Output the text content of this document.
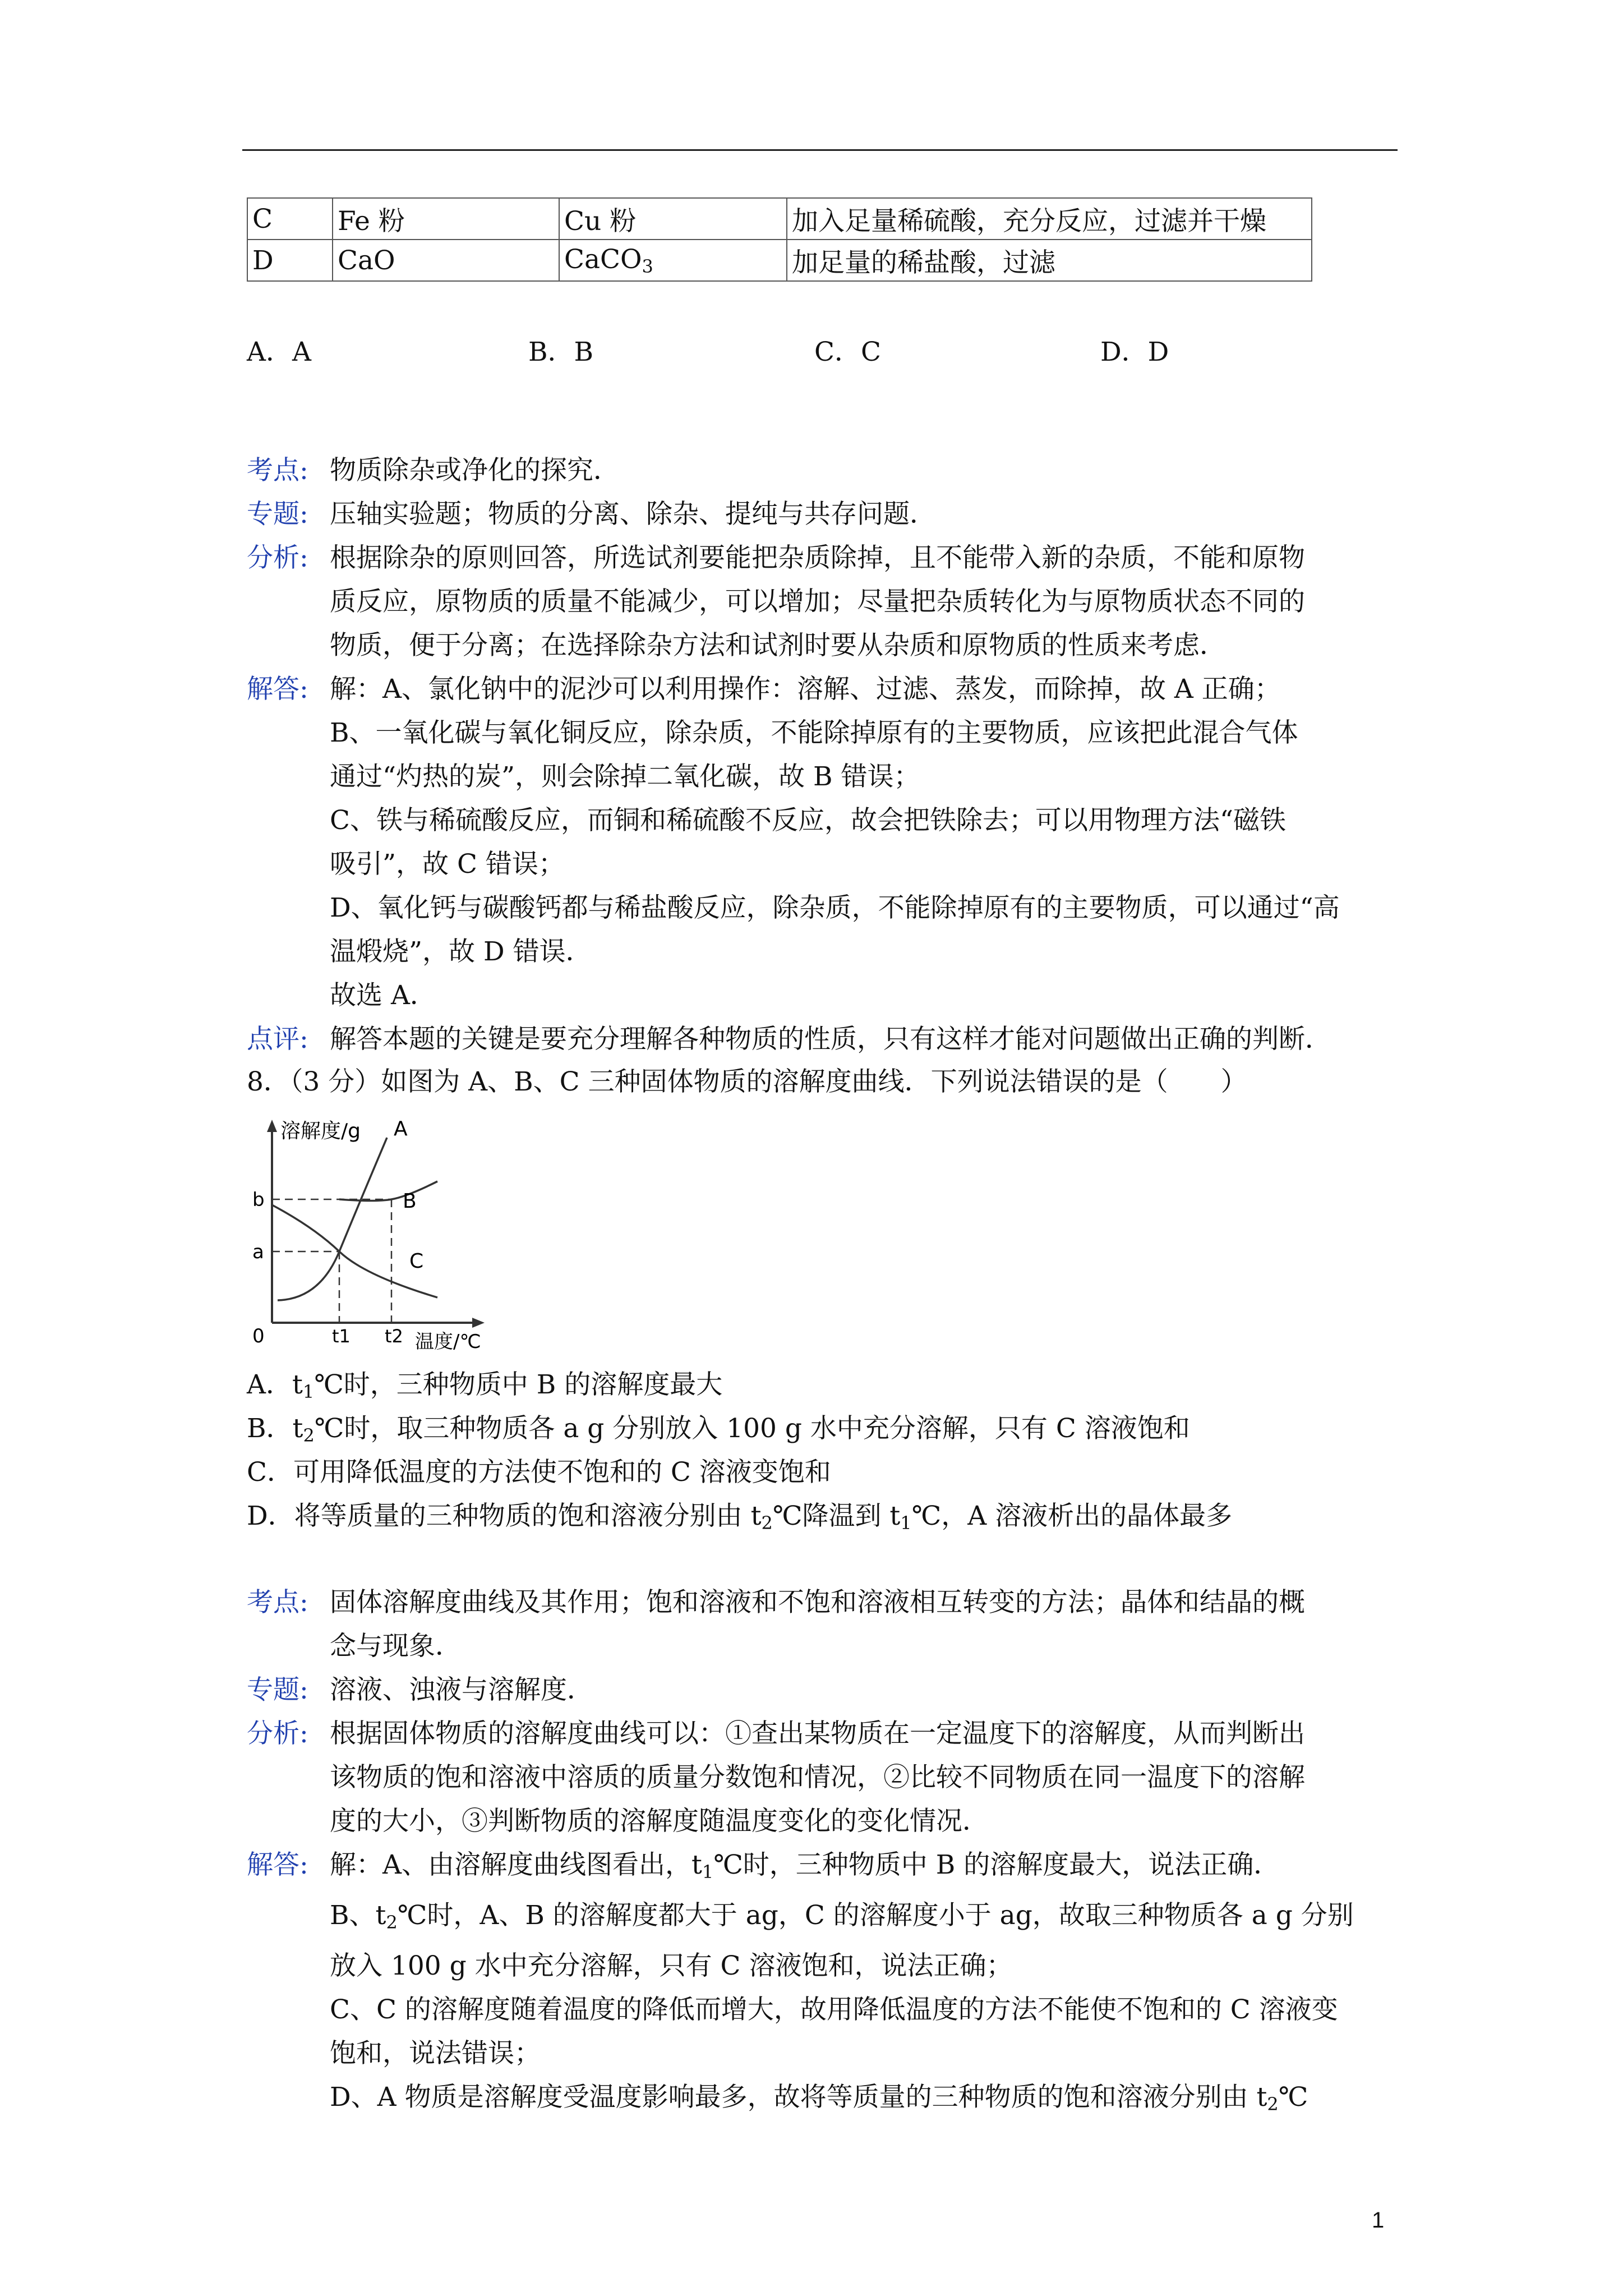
C	Fe 粉	Cu 粉	加入足量稀硫酸，充分反应，过滤并干燥
D	CaO	CaCO$_3$	加足量的稀盐酸，过滤
A．A	B．B	C．C	D．D
考点: 物质除杂或净化的探究．
专题: 压轴实验题；物质的分离、除杂、提纯与共存问题．
分析: 根据除杂的原则回答，所选试剂要能把杂质除掉，且不能带入新的杂质，不能和原物
质反应，原物质的质量不能减少，可以增加；尽量把杂质转化为与原物质状态不同的
物质，便于分离；在选择除杂方法和试剂时要从杂质和原物质的性质来考虑．
解答: 解：A、氯化钠中的泥沙可以利用操作：溶解、过滤、蒸发，而除掉，故 A 正确；
B、一氧化碳与氧化铜反应，除杂质，不能除掉原有的主要物质，应该把此混合气体
通过“灼热的炭”，则会除掉二氧化碳，故 B 错误；
C、铁与稀硫酸反应，而铜和稀硫酸不反应，故会把铁除去；可以用物理方法“磁铁
吸引”，故 C 错误；
D、氧化钙与碳酸钙都与稀盐酸反应，除杂质，不能除掉原有的主要物质，可以通过“高
温煅烧”，故 D 错误．
故选 A．
点评: 解答本题的关键是要充分理解各种物质的性质，只有这样才能对问题做出正确的判断．
8．（3 分）如图为 A、B、C 三种固体物质的溶解度曲线．下列说法错误的是（　　）
溶解度/g A
B
C
b
a
0	t1 t2 温度/℃
A．$t_1℃$时，三种物质中 B 的溶解度最大
B．$t_2℃$时，取三种物质各 a g 分别放入 100 g 水中充分溶解，只有 C 溶液饱和
C．可用降低温度的方法使不饱和的 C 溶液变饱和
D．将等质量的三种物质的饱和溶液分别由 $t_2℃$降温到 $t_1℃$，A 溶液析出的晶体最多
考点: 固体溶解度曲线及其作用；饱和溶液和不饱和溶液相互转变的方法；晶体和结晶的概
念与现象．
专题: 溶液、浊液与溶解度．
分析: 根据固体物质的溶解度曲线可以：①查出某物质在一定温度下的溶解度，从而判断出
该物质的饱和溶液中溶质的质量分数饱和情况，②比较不同物质在同一温度下的溶解
度的大小，③判断物质的溶解度随温度变化的变化情况．
解答: 解：A、由溶解度曲线图看出，$t_1℃$时，三种物质中 B 的溶解度最大，说法正确．
B、$t_2℃$时，A、B 的溶解度都大于 ag，C 的溶解度小于 ag，故取三种物质各 a g 分别
放入 100 g 水中充分溶解，只有 C 溶液饱和，说法正确；
C、C 的溶解度随着温度的降低而增大，故用降低温度的方法不能使不饱和的 C 溶液变
饱和，说法错误；
D、A 物质是溶解度受温度影响最多，故将等质量的三种物质的饱和溶液分别由 $t_2℃$
1
